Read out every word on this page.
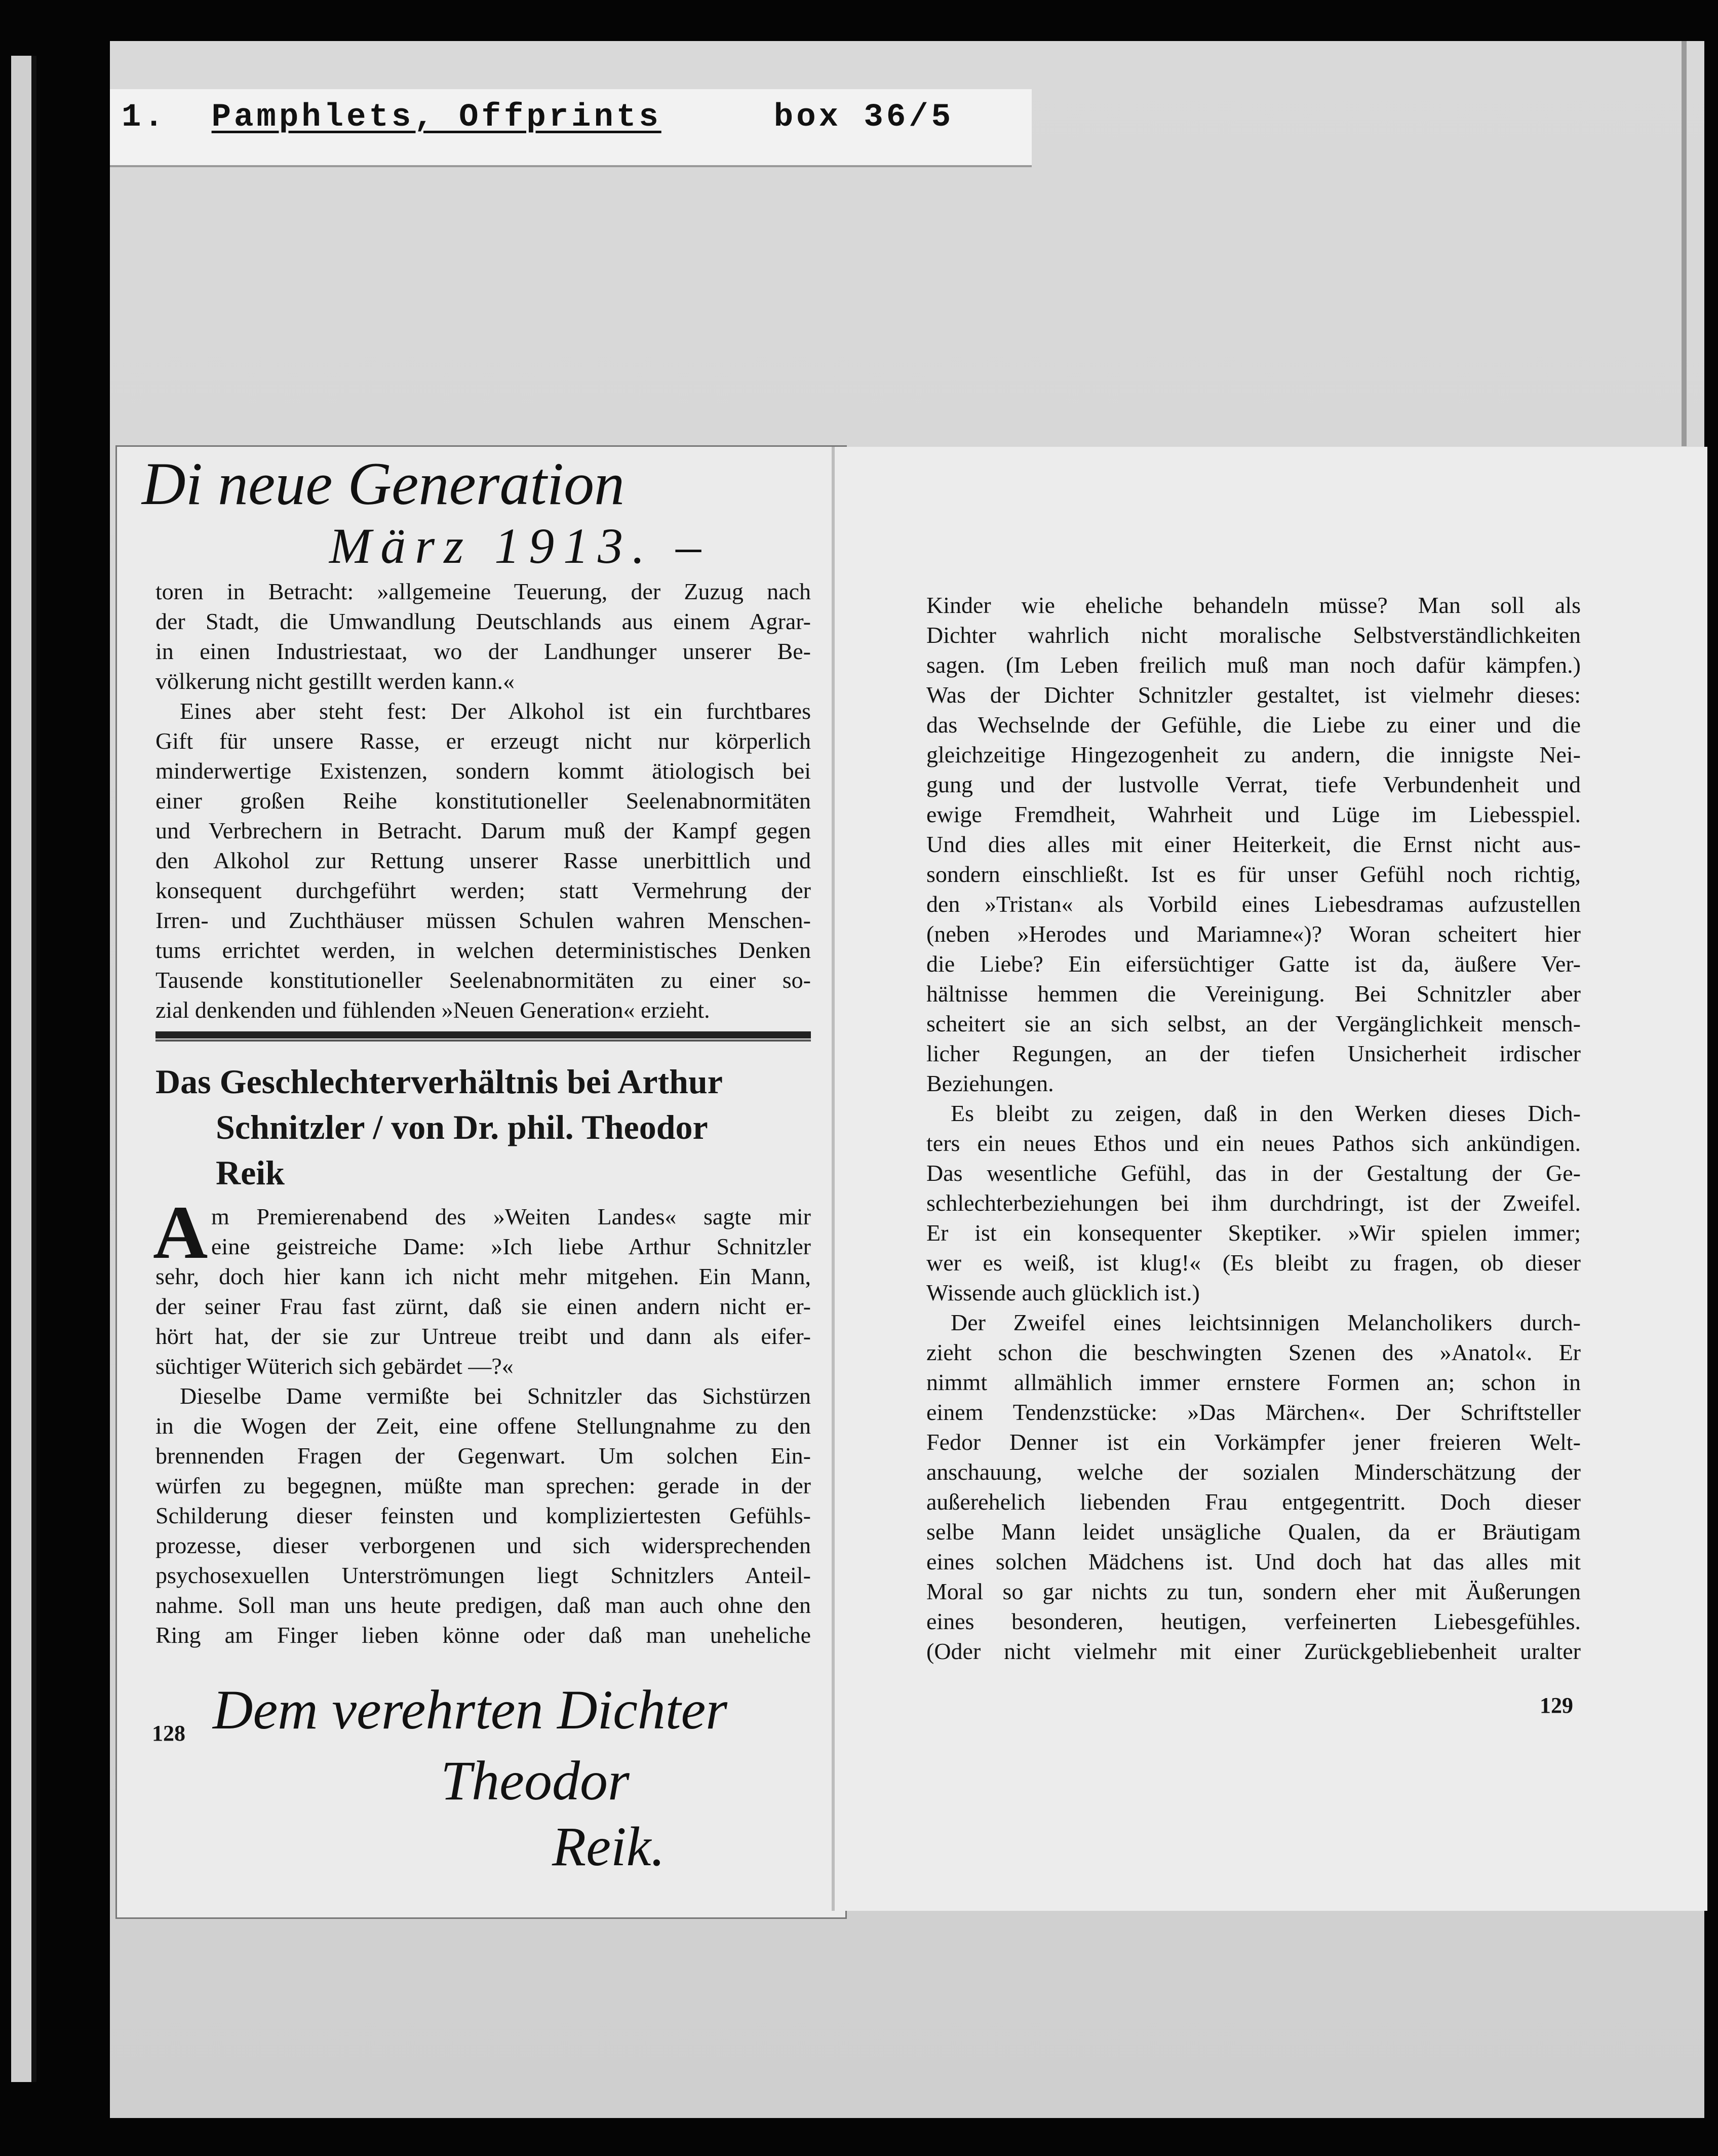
1. Pamphlets, Offprints	box 36/5
Di neue Generation
März 1913. –
toren in Betracht: »allgemeine Teuerung, der Zuzug nach
der Stadt, die Umwandlung Deutschlands aus einem Agrar-
in einen Industriestaat, wo der Landhunger unserer Be-
völkerung nicht gestillt werden kann.«
Eines aber steht fest: Der Alkohol ist ein furchtbares
Gift für unsere Rasse, er erzeugt nicht nur körperlich
minderwertige Existenzen, sondern kommt ätiologisch bei
einer großen Reihe konstitutioneller Seelenabnormitäten
und Verbrechern in Betracht. Darum muß der Kampf gegen
den Alkohol zur Rettung unserer Rasse unerbittlich und
konsequent durchgeführt werden; statt Vermehrung der
Irren- und Zuchthäuser müssen Schulen wahren Menschen-
tums errichtet werden, in welchen deterministisches Denken
Tausende konstitutioneller Seelenabnormitäten zu einer so-
zial denkenden und fühlenden »Neuen Generation« erzieht.
Das Geschlechterverhältnis bei Arthur
Schnitzler / von Dr. phil. Theodor
Reik
A m Premierenabend des »Weiten Landes« sagte mir
eine geistreiche Dame: »Ich liebe Arthur Schnitzler
sehr, doch hier kann ich nicht mehr mitgehen. Ein Mann,
der seiner Frau fast zürnt, daß sie einen andern nicht er-
hört hat, der sie zur Untreue treibt und dann als eifer-
süchtiger Wüterich sich gebärdet —?«
Dieselbe Dame vermißte bei Schnitzler das Sichstürzen
in die Wogen der Zeit, eine offene Stellungnahme zu den
brennenden Fragen der Gegenwart. Um solchen Ein-
würfen zu begegnen, müßte man sprechen: gerade in der
Schilderung dieser feinsten und kompliziertesten Gefühls-
prozesse, dieser verborgenen und sich widersprechenden
psychosexuellen Unterströmungen liegt Schnitzlers Anteil-
nahme. Soll man uns heute predigen, daß man auch ohne den
Ring am Finger lieben könne oder daß man uneheliche
Kinder wie eheliche behandeln müsse? Man soll als
Dichter wahrlich nicht moralische Selbstverständlichkeiten
sagen. (Im Leben freilich muß man noch dafür kämpfen.)
Was der Dichter Schnitzler gestaltet, ist vielmehr dieses:
das Wechselnde der Gefühle, die Liebe zu einer und die
gleichzeitige Hingezogenheit zu andern, die innigste Nei-
gung und der lustvolle Verrat, tiefe Verbundenheit und
ewige Fremdheit, Wahrheit und Lüge im Liebesspiel.
Und dies alles mit einer Heiterkeit, die Ernst nicht aus-
sondern einschließt. Ist es für unser Gefühl noch richtig,
den »Tristan« als Vorbild eines Liebesdramas aufzustellen
(neben »Herodes und Mariamne«)? Woran scheitert hier
die Liebe? Ein eifersüchtiger Gatte ist da, äußere Ver-
hältnisse hemmen die Vereinigung. Bei Schnitzler aber
scheitert sie an sich selbst, an der Vergänglichkeit mensch-
licher Regungen, an der tiefen Unsicherheit irdischer
Beziehungen.
Es bleibt zu zeigen, daß in den Werken dieses Dich-
ters ein neues Ethos und ein neues Pathos sich ankündigen.
Das wesentliche Gefühl, das in der Gestaltung der Ge-
schlechterbeziehungen bei ihm durchdringt, ist der Zweifel.
Er ist ein konsequenter Skeptiker. »Wir spielen immer;
wer es weiß, ist klug!« (Es bleibt zu fragen, ob dieser
Wissende auch glücklich ist.)
Der Zweifel eines leichtsinnigen Melancholikers durch-
zieht schon die beschwingten Szenen des »Anatol«. Er
nimmt allmählich immer ernstere Formen an; schon in
einem Tendenzstücke: »Das Märchen«. Der Schriftsteller
Fedor Denner ist ein Vorkämpfer jener freieren Welt-
anschauung, welche der sozialen Minderschätzung der
außerehelich liebenden Frau entgegentritt. Doch dieser
selbe Mann leidet unsägliche Qualen, da er Bräutigam
eines solchen Mädchens ist. Und doch hat das alles mit
Moral so gar nichts zu tun, sondern eher mit Äußerungen
eines besonderen, heutigen, verfeinerten Liebesgefühles.
(Oder nicht vielmehr mit einer Zurückgebliebenheit uralter
128
129
Dem verehrten Dichter
Theodor
Reik.
